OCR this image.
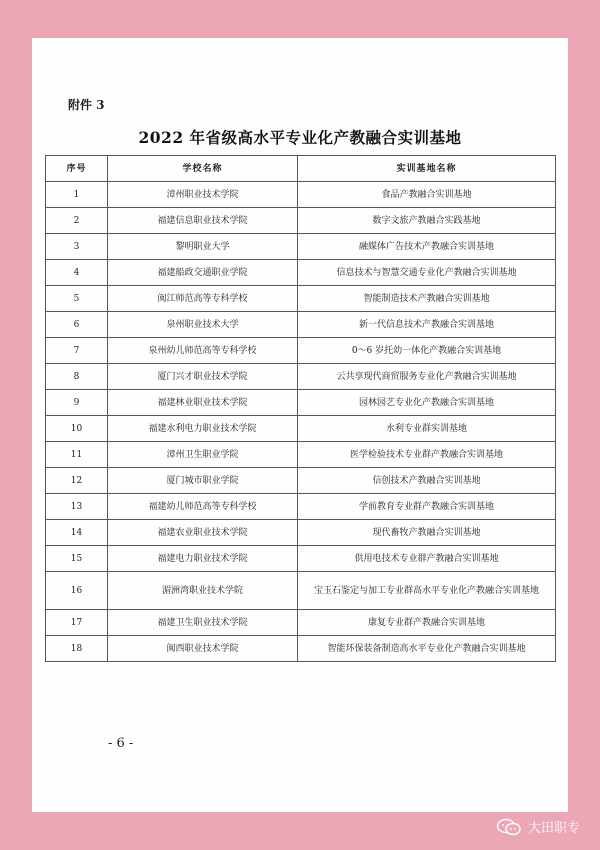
附件 3
2022 年省级高水平专业化产教融合实训基地
序号	学校名称	实训基地名称
1	漳州职业技术学院	食品产教融合实训基地
2	福建信息职业技术学院	数字文旅产教融合实践基地
3	黎明职业大学	融媒体广告技术产教融合实训基地
4	福建船政交通职业学院	信息技术与智慧交通专业化产教融合实训基地
5	闽江师范高等专科学校	智能制造技术产教融合实训基地
6	泉州职业技术大学	新一代信息技术产教融合实训基地
7	泉州幼儿师范高等专科学校	0～6 岁托幼一体化产教融合实训基地
8	厦门兴才职业技术学院	云共享现代商贸服务专业化产教融合实训基地
9	福建林业职业技术学院	园林园艺专业化产教融合实训基地
10	福建水利电力职业技术学院	水利专业群实训基地
11	漳州卫生职业学院	医学检验技术专业群产教融合实训基地
12	厦门城市职业学院	信创技术产教融合实训基地
13	福建幼儿师范高等专科学校	学前教育专业群产教融合实训基地
14	福建农业职业技术学院	现代畜牧产教融合实训基地
15	福建电力职业技术学院	供用电技术专业群产教融合实训基地
16	湄洲湾职业技术学院	宝玉石鉴定与加工专业群高水平专业化产教融合实训基地
17	福建卫生职业技术学院	康复专业群产教融合实训基地
18	闽西职业技术学院	智能环保装备制造高水平专业化产教融合实训基地
- 6 -
大田职专
